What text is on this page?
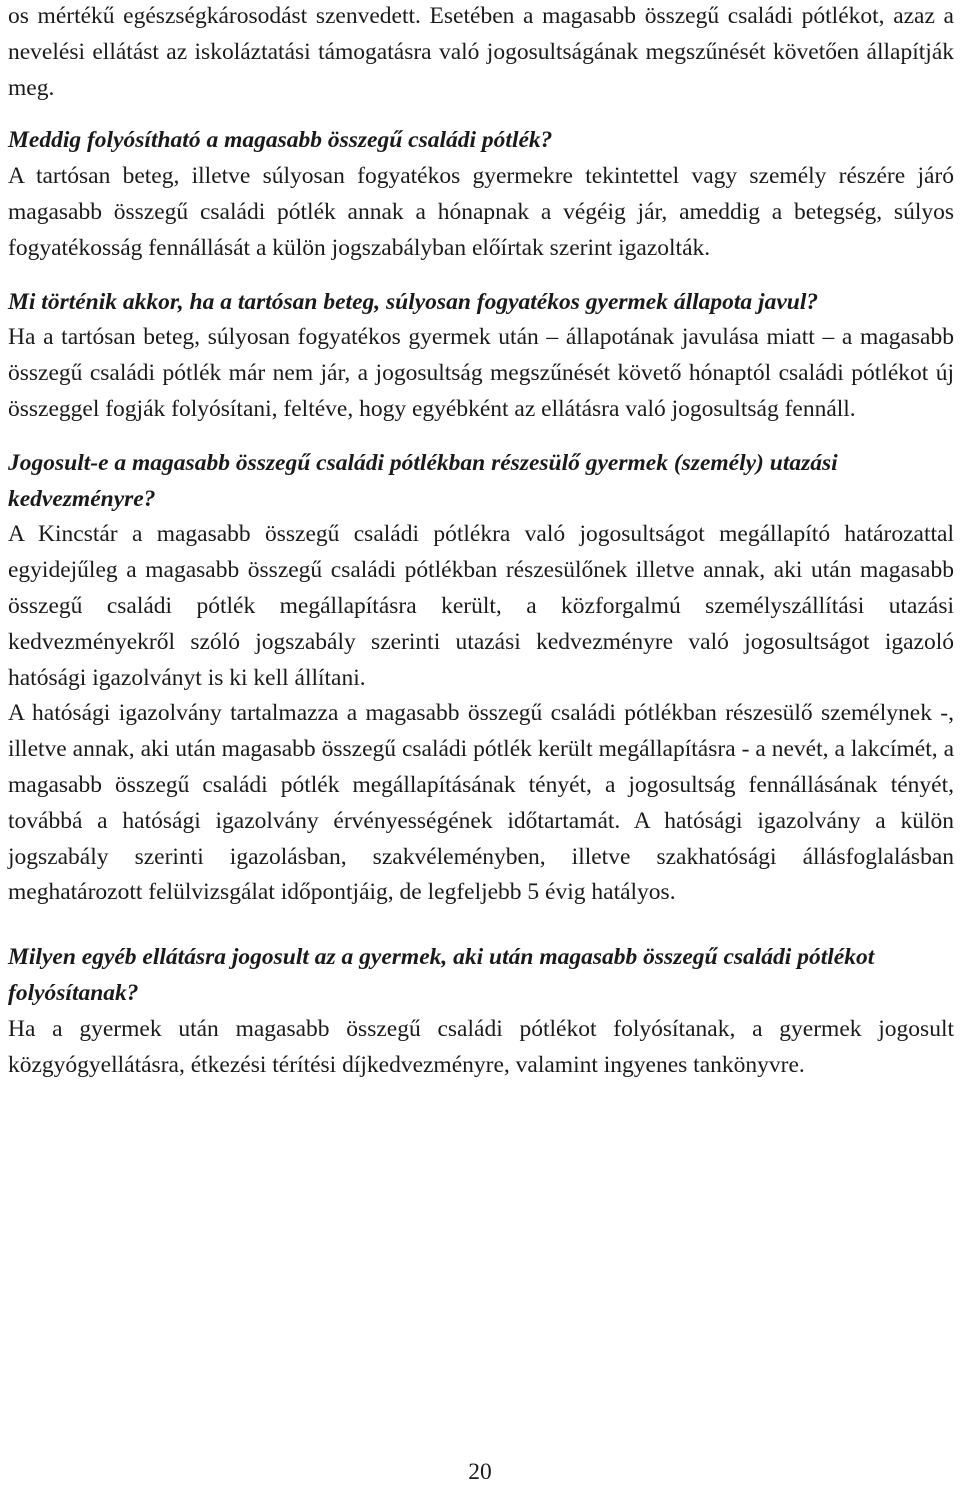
os mértékű egészségkárosodást szenvedett. Esetében a magasabb összegű családi pótlékot, azaz a nevelési ellátást az iskoláztatási támogatásra való jogosultságának megszűnését követően állapítják meg.

Meddig folyósítható a magasabb összegű családi pótlék?

A tartósan beteg, illetve súlyosan fogyatékos gyermekre tekintettel vagy személy részére járó magasabb összegű családi pótlék annak a hónapnak a végéig jár, ameddig a betegség, súlyos fogyatékosság fennállását a külön jogszabályban előírtak szerint igazolták.

Mi történik akkor, ha a tartósan beteg, súlyosan fogyatékos gyermek állapota javul?

Ha a tartósan beteg, súlyosan fogyatékos gyermek után – állapotának javulása miatt – a magasabb összegű családi pótlék már nem jár, a jogosultság megszűnését követő hónaptól családi pótlékot új összeggel fogják folyósítani, feltéve, hogy egyébként az ellátásra való jogosultság fennáll.

Jogosult-e a magasabb összegű családi pótlékban részesülő gyermek (személy) utazási kedvezményre?

A Kincstár a magasabb összegű családi pótlékra való jogosultságot megállapító határozattal egyidejűleg a magasabb összegű családi pótlékban részesülőnek illetve annak, aki után magasabb összegű családi pótlék megállapításra került, a közforgalmú személyszállítási utazási kedvezményekről szóló jogszabály szerinti utazási kedvezményre való jogosultságot igazoló hatósági igazolványt is ki kell állítani.

A hatósági igazolvány tartalmazza a magasabb összegű családi pótlékban részesülő személynek -, illetve annak, aki után magasabb összegű családi pótlék került megállapításra - a nevét, a lakcímét, a magasabb összegű családi pótlék megállapításának tényét, a jogosultság fennállásának tényét, továbbá a hatósági igazolvány érvényességének időtartamát. A hatósági igazolvány a külön jogszabály szerinti igazolásban, szakvéleményben, illetve szakhatósági állásfoglalásban meghatározott felülvizsgálat időpontjáig, de legfeljebb 5 évig hatályos.

Milyen egyéb ellátásra jogosult az a gyermek, aki után magasabb összegű családi pótlékot folyósítanak?

Ha a gyermek után magasabb összegű családi pótlékot folyósítanak, a gyermek jogosult közgyógyellátásra, étkezési térítési díjkedvezményre, valamint ingyenes tankönyvre.

20
